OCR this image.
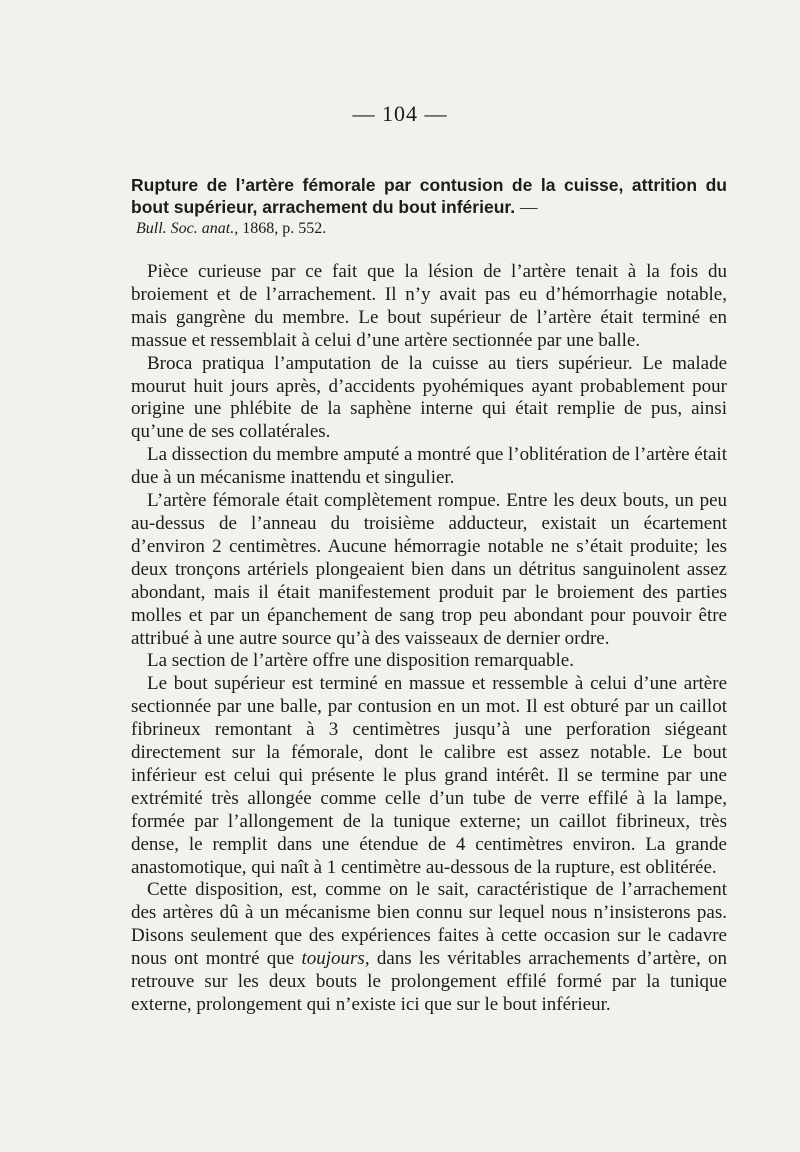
— 104 —

Rupture de l’artère fémorale par contusion de la cuisse, attrition du bout supérieur, arrachement du bout inférieur. —

Bull. Soc. anat., 1868, p. 552.

Pièce curieuse par ce fait que la lésion de l’artère tenait à la fois du broiement et de l’arrachement. Il n’y avait pas eu d’hémorrhagie notable, mais gangrène du membre. Le bout supérieur de l’artère était terminé en massue et ressemblait à celui d’une artère sectionnée par une balle.

Broca pratiqua l’amputation de la cuisse au tiers supérieur. Le malade mourut huit jours après, d’accidents pyohémiques ayant probablement pour origine une phlébite de la saphène interne qui était remplie de pus, ainsi qu’une de ses collatérales.

La dissection du membre amputé a montré que l’oblitération de l’artère était due à un mécanisme inattendu et singulier.

L’artère fémorale était complètement rompue. Entre les deux bouts, un peu au-dessus de l’anneau du troisième adducteur, existait un écartement d’environ 2 centimètres. Aucune hémorragie notable ne s’était produite; les deux tronçons artériels plongeaient bien dans un détritus sanguinolent assez abondant, mais il était manifestement produit par le broiement des parties molles et par un épanchement de sang trop peu abondant pour pouvoir être attribué à une autre source qu’à des vaisseaux de dernier ordre.

La section de l’artère offre une disposition remarquable.

Le bout supérieur est terminé en massue et ressemble à celui d’une artère sectionnée par une balle, par contusion en un mot. Il est obturé par un caillot fibrineux remontant à 3 centimètres jusqu’à une perforation siégeant directement sur la fémorale, dont le calibre est assez notable. Le bout inférieur est celui qui présente le plus grand intérêt. Il se termine par une extrémité très allongée comme celle d’un tube de verre effilé à la lampe, formée par l’allongement de la tunique externe; un caillot fibrineux, très dense, le remplit dans une étendue de 4 centimètres environ. La grande anastomotique, qui naît à 1 centimètre au-dessous de la rupture, est oblitérée.

Cette disposition, est, comme on le sait, caractéristique de l’arrachement des artères dû à un mécanisme bien connu sur lequel nous n’insisterons pas. Disons seulement que des expériences faites à cette occasion sur le cadavre nous ont montré que toujours, dans les véritables arrachements d’artère, on retrouve sur les deux bouts le prolongement effilé formé par la tunique externe, prolongement qui n’existe ici que sur le bout inférieur.
